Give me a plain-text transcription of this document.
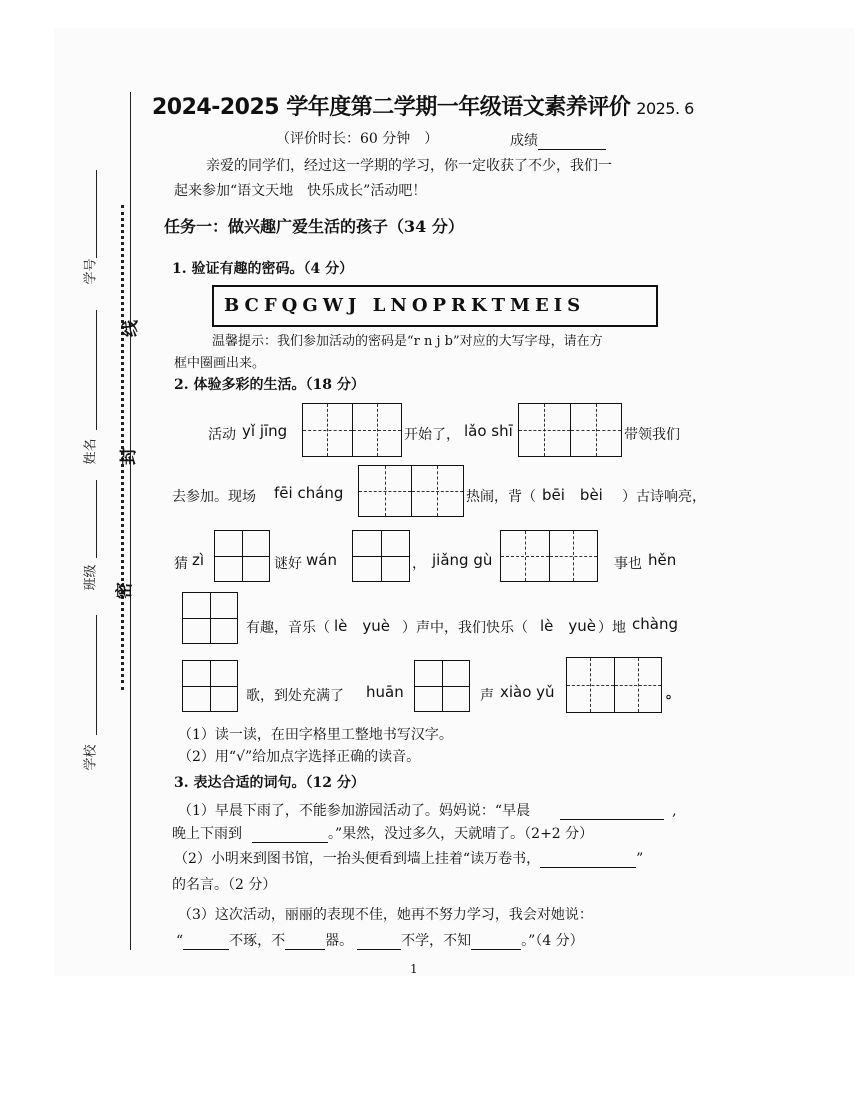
学号
姓名
班级
学校
线
封
密
2024-2025 学年度第二学期一年级语文素养评价 2025. 6
（评价时长：60 分钟　）	成绩
亲爱的同学们，经过这一学期的学习，你一定收获了不少，我们一
起来参加“语文天地　快乐成长”活动吧！
任务一：做兴趣广爱生活的孩子（34 分）
1. 验证有趣的密码。（4 分）
BCFQGWJ LNOPRKTMEIS
温馨提示：我们参加活动的密码是“r n j b”对应的大写字母，请在方
框中圈画出来。
2. 体验多彩的生活。（18 分）
活动 yǐ jīng	开始了， lǎo shī	带领我们
去参加。现场 fēi cháng	热闹，背（ bēi　bèi ）古诗响亮，
猜 zì	谜好 wán	， jiǎng gù	事也 hěn
有趣，音乐（ lè　yuè ）声中，我们快乐（ lè　yuè ）地 chàng
歌，到处充满了 huān	声 xiào yǔ	。
（1）读一读，在田字格里工整地书写汉字。
（2）用“√”给加点字选择正确的读音。
3. 表达合适的词句。（12 分）
（1）早晨下雨了，不能参加游园活动了。妈妈说：“早晨	,
晚上下雨到	。”果然，没过多久，天就晴了。（2+2 分）
（2）小明来到图书馆，一抬头便看到墙上挂着“读万卷书，	”
的名言。（2 分）
（3）这次活动，丽丽的表现不佳，她再不努力学习，我会对她说：
“	不琢，不	器。	不学，不知	。”（4 分）
1
